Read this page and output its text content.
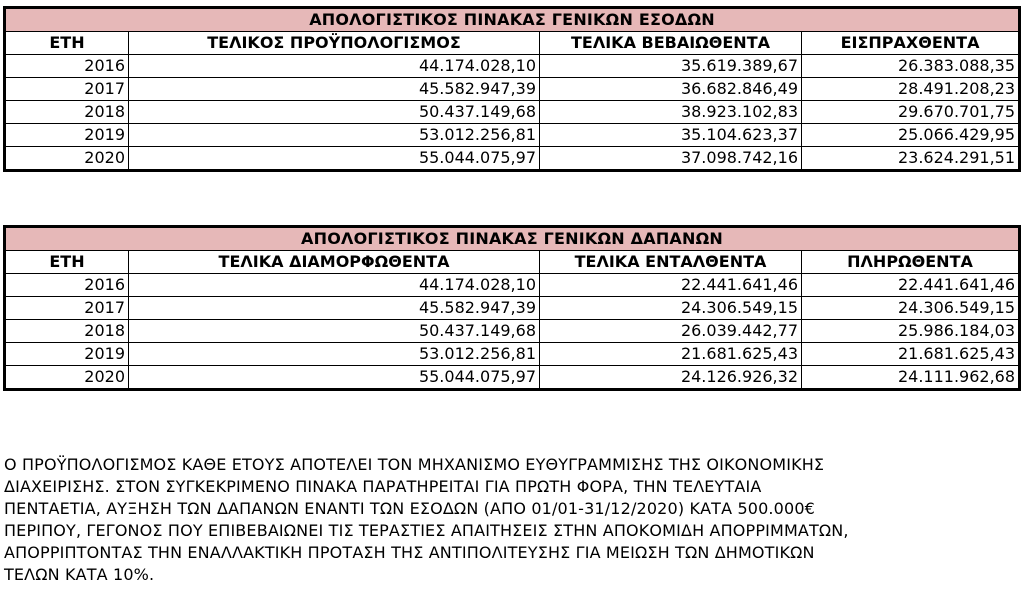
ΑΠΟΛΟΓΙΣΤΙΚΟΣ ΠΙΝΑΚΑΣ ΓΕΝΙΚΩΝ ΕΣΟΔΩΝ			
ΕΤΗ	ΤΕΛΙΚΟΣ ΠΡΟΫΠΟΛΟΓΙΣΜΟΣ	ΤΕΛΙΚΑ ΒΕΒΑΙΩΘΕΝΤΑ	ΕΙΣΠΡΑΧΘΕΝΤΑ
2016	44.174.028,10	35.619.389,67	26.383.088,35
2017	45.582.947,39	36.682.846,49	28.491.208,23
2018	50.437.149,68	38.923.102,83	29.670.701,75
2019	53.012.256,81	35.104.623,37	25.066.429,95
2020	55.044.075,97	37.098.742,16	23.624.291,51
ΑΠΟΛΟΓΙΣΤΙΚΟΣ ΠΙΝΑΚΑΣ ΓΕΝΙΚΩΝ ΔΑΠΑΝΩΝ			
ΕΤΗ	ΤΕΛΙΚΑ ΔΙΑΜΟΡΦΩΘΕΝΤΑ	ΤΕΛΙΚΑ ΕΝΤΑΛΘΕΝΤΑ	ΠΛΗΡΩΘΕΝΤΑ
2016	44.174.028,10	22.441.641,46	22.441.641,46
2017	45.582.947,39	24.306.549,15	24.306.549,15
2018	50.437.149,68	26.039.442,77	25.986.184,03
2019	53.012.256,81	21.681.625,43	21.681.625,43
2020	55.044.075,97	24.126.926,32	24.111.962,68

Ο ΠΡΟΫΠΟΛΟΓΙΣΜΟΣ ΚΑΘΕ ΕΤΟΥΣ ΑΠΟΤΕΛΕΙ ΤΟΝ ΜΗΧΑΝΙΣΜΟ ΕΥΘΥΓΡΑΜΜΙΣΗΣ ΤΗΣ ΟΙΚΟΝΟΜΙΚΗΣ
ΔΙΑΧΕΙΡΙΣΗΣ. ΣΤΟΝ ΣΥΓΚΕΚΡΙΜΕΝΟ ΠΙΝΑΚΑ ΠΑΡΑΤΗΡΕΙΤΑΙ ΓΙΑ ΠΡΩΤΗ ΦΟΡΑ, ΤΗΝ ΤΕΛΕΥΤΑΙΑ
ΠΕΝΤΑΕΤΙΑ, ΑΥΞΗΣΗ ΤΩΝ ΔΑΠΑΝΩΝ ΕΝΑΝΤΙ ΤΩΝ ΕΣΟΔΩΝ (ΑΠΟ 01/01-31/12/2020) ΚΑΤΑ 500.000€
ΠΕΡΙΠΟΥ, ΓΕΓΟΝΟΣ ΠΟΥ ΕΠΙΒΕΒΑΙΩΝΕΙ ΤΙΣ ΤΕΡΑΣΤΙΕΣ ΑΠΑΙΤΗΣΕΙΣ ΣΤΗΝ ΑΠΟΚΟΜΙΔΗ ΑΠΟΡΡΙΜΜΑΤΩΝ,
ΑΠΟΡΡΙΠΤΟΝΤΑΣ ΤΗΝ ΕΝΑΛΛΑΚΤΙΚΗ ΠΡΟΤΑΣΗ ΤΗΣ ΑΝΤΙΠΟΛΙΤΕΥΣΗΣ ΓΙΑ ΜΕΙΩΣΗ ΤΩΝ ΔΗΜΟΤΙΚΩΝ
ΤΕΛΩΝ ΚΑΤΑ 10%.
